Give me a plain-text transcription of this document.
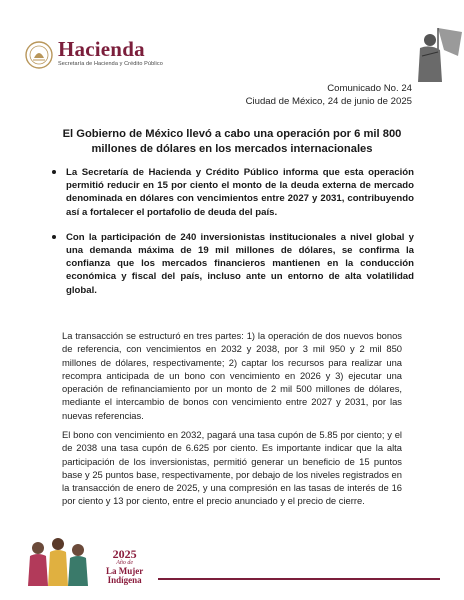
Hacienda
Secretaría de Hacienda y Crédito Público
Comunicado No. 24
Ciudad de México, 24 de junio de 2025
El Gobierno de México llevó a cabo una operación por 6 mil 800 millones de dólares en los mercados internacionales
La Secretaría de Hacienda y Crédito Público informa que esta operación permitió reducir en 15 por ciento el monto de la deuda externa de mercado denominada en dólares con vencimientos entre 2027 y 2031, contribuyendo así a fortalecer el portafolio de deuda del país.
Con la participación de 240 inversionistas institucionales a nivel global y una demanda máxima de 19 mil millones de dólares, se confirma la confianza que los mercados financieros mantienen en la conducción económica y fiscal del país, incluso ante un entorno de alta volatilidad global.

La transacción se estructuró en tres partes: 1) la operación de dos nuevos bonos de referencia, con vencimientos en 2032 y 2038, por 3 mil 950 y 2 mil 850 millones de dólares, respectivamente; 2) captar los recursos para realizar una recompra anticipada de un bono con vencimiento en 2026 y 3) ejecutar una operación de refinanciamiento por un monto de 2 mil 500 millones de dólares, mediante el intercambio de bonos con vencimiento entre 2027 y 2031, por las nuevas referencias.

El bono con vencimiento en 2032, pagará una tasa cupón de 5.85 por ciento; y el de 2038 una tasa cupón de 6.625 por ciento. Es importante indicar que la alta participación de los inversionistas, permitió generar un beneficio de 15 puntos base y 25 puntos base, respectivamente, por debajo de los niveles registrados en la transacción de enero de 2025, y una compresión en las tasas de interés de 16 por ciento y 13 por ciento, entre el precio anunciado y el precio de cierre.

2025
Año de
La Mujer
Indígena
